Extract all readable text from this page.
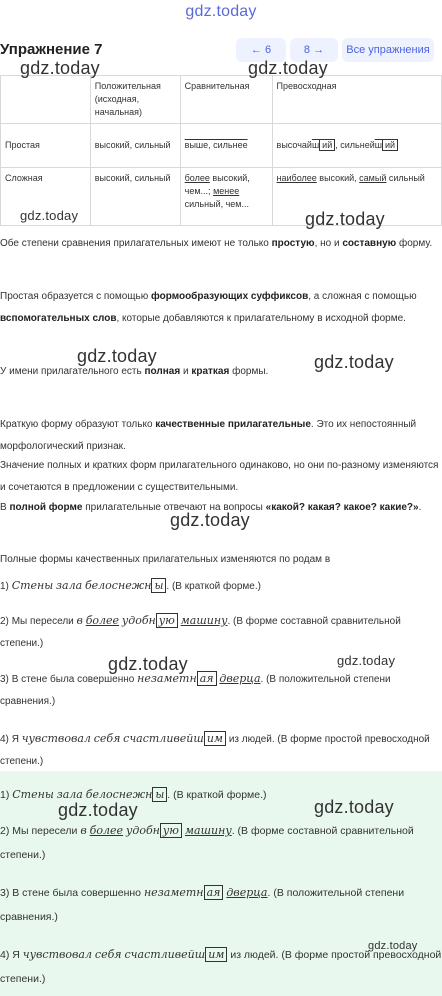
gdz.today
Упражнение 7	← 6	8 →	Все упражнения
	Положительная (исходная, начальная)	Сравнительная	Превосходная
Простая	высокий, сильный	выше, сильнее	высочайш ий , сильнейш ий
Сложная	высокий, сильный	более высокий, чем...; менее сильный, чем...	наиболее высокий, самый сильный

Обе степени сравнения прилагательных имеют не только простую, но и составную форму.

Простая образуется с помощью формообразующих суффиксов, а сложная с помощью вспомогательных слов, которые добавляются к прилагательному в исходной форме.

У имени прилагательного есть полная и краткая формы.

Краткую форму образуют только качественные прилагательные. Это их непостоянный морфологический признак.

Значение полных и кратких форм прилагательного одинаково, но они по-разному изменяются и сочетаются в предложении с существительными.

В полной форме прилагательные отвечают на вопросы «какой? какая? какое? какие?».

Полные формы качественных прилагательных изменяются по родам в

1) Стены зала белоснежн ы . (В краткой форме.)
2) Мы пересели в более удобн ую машину. (В форме составной сравнительной степени.)
3) В стене была совершенно незаметн ая дверца. (В положительной степени сравнения.)
4) Я чувствовал себя счастливейш им из людей. (В форме простой превосходной степени.)
1) Стены зала белоснежн ы . (В краткой форме.)
2) Мы пересели в более удобн ую машину. (В форме составной сравнительной степени.)
3) В стене была совершенно незаметн ая дверца. (В положительной степени сравнения.)
4) Я чувствовал себя счастливейш им из людей. (В форме простой превосходной степени.)
gdz.today	gdz.today
gdz.today	gdz.today
gdz.today	gdz.today
gdz.today
gdz.today	gdz.today
gdz.today	gdz.today
gdz.today
